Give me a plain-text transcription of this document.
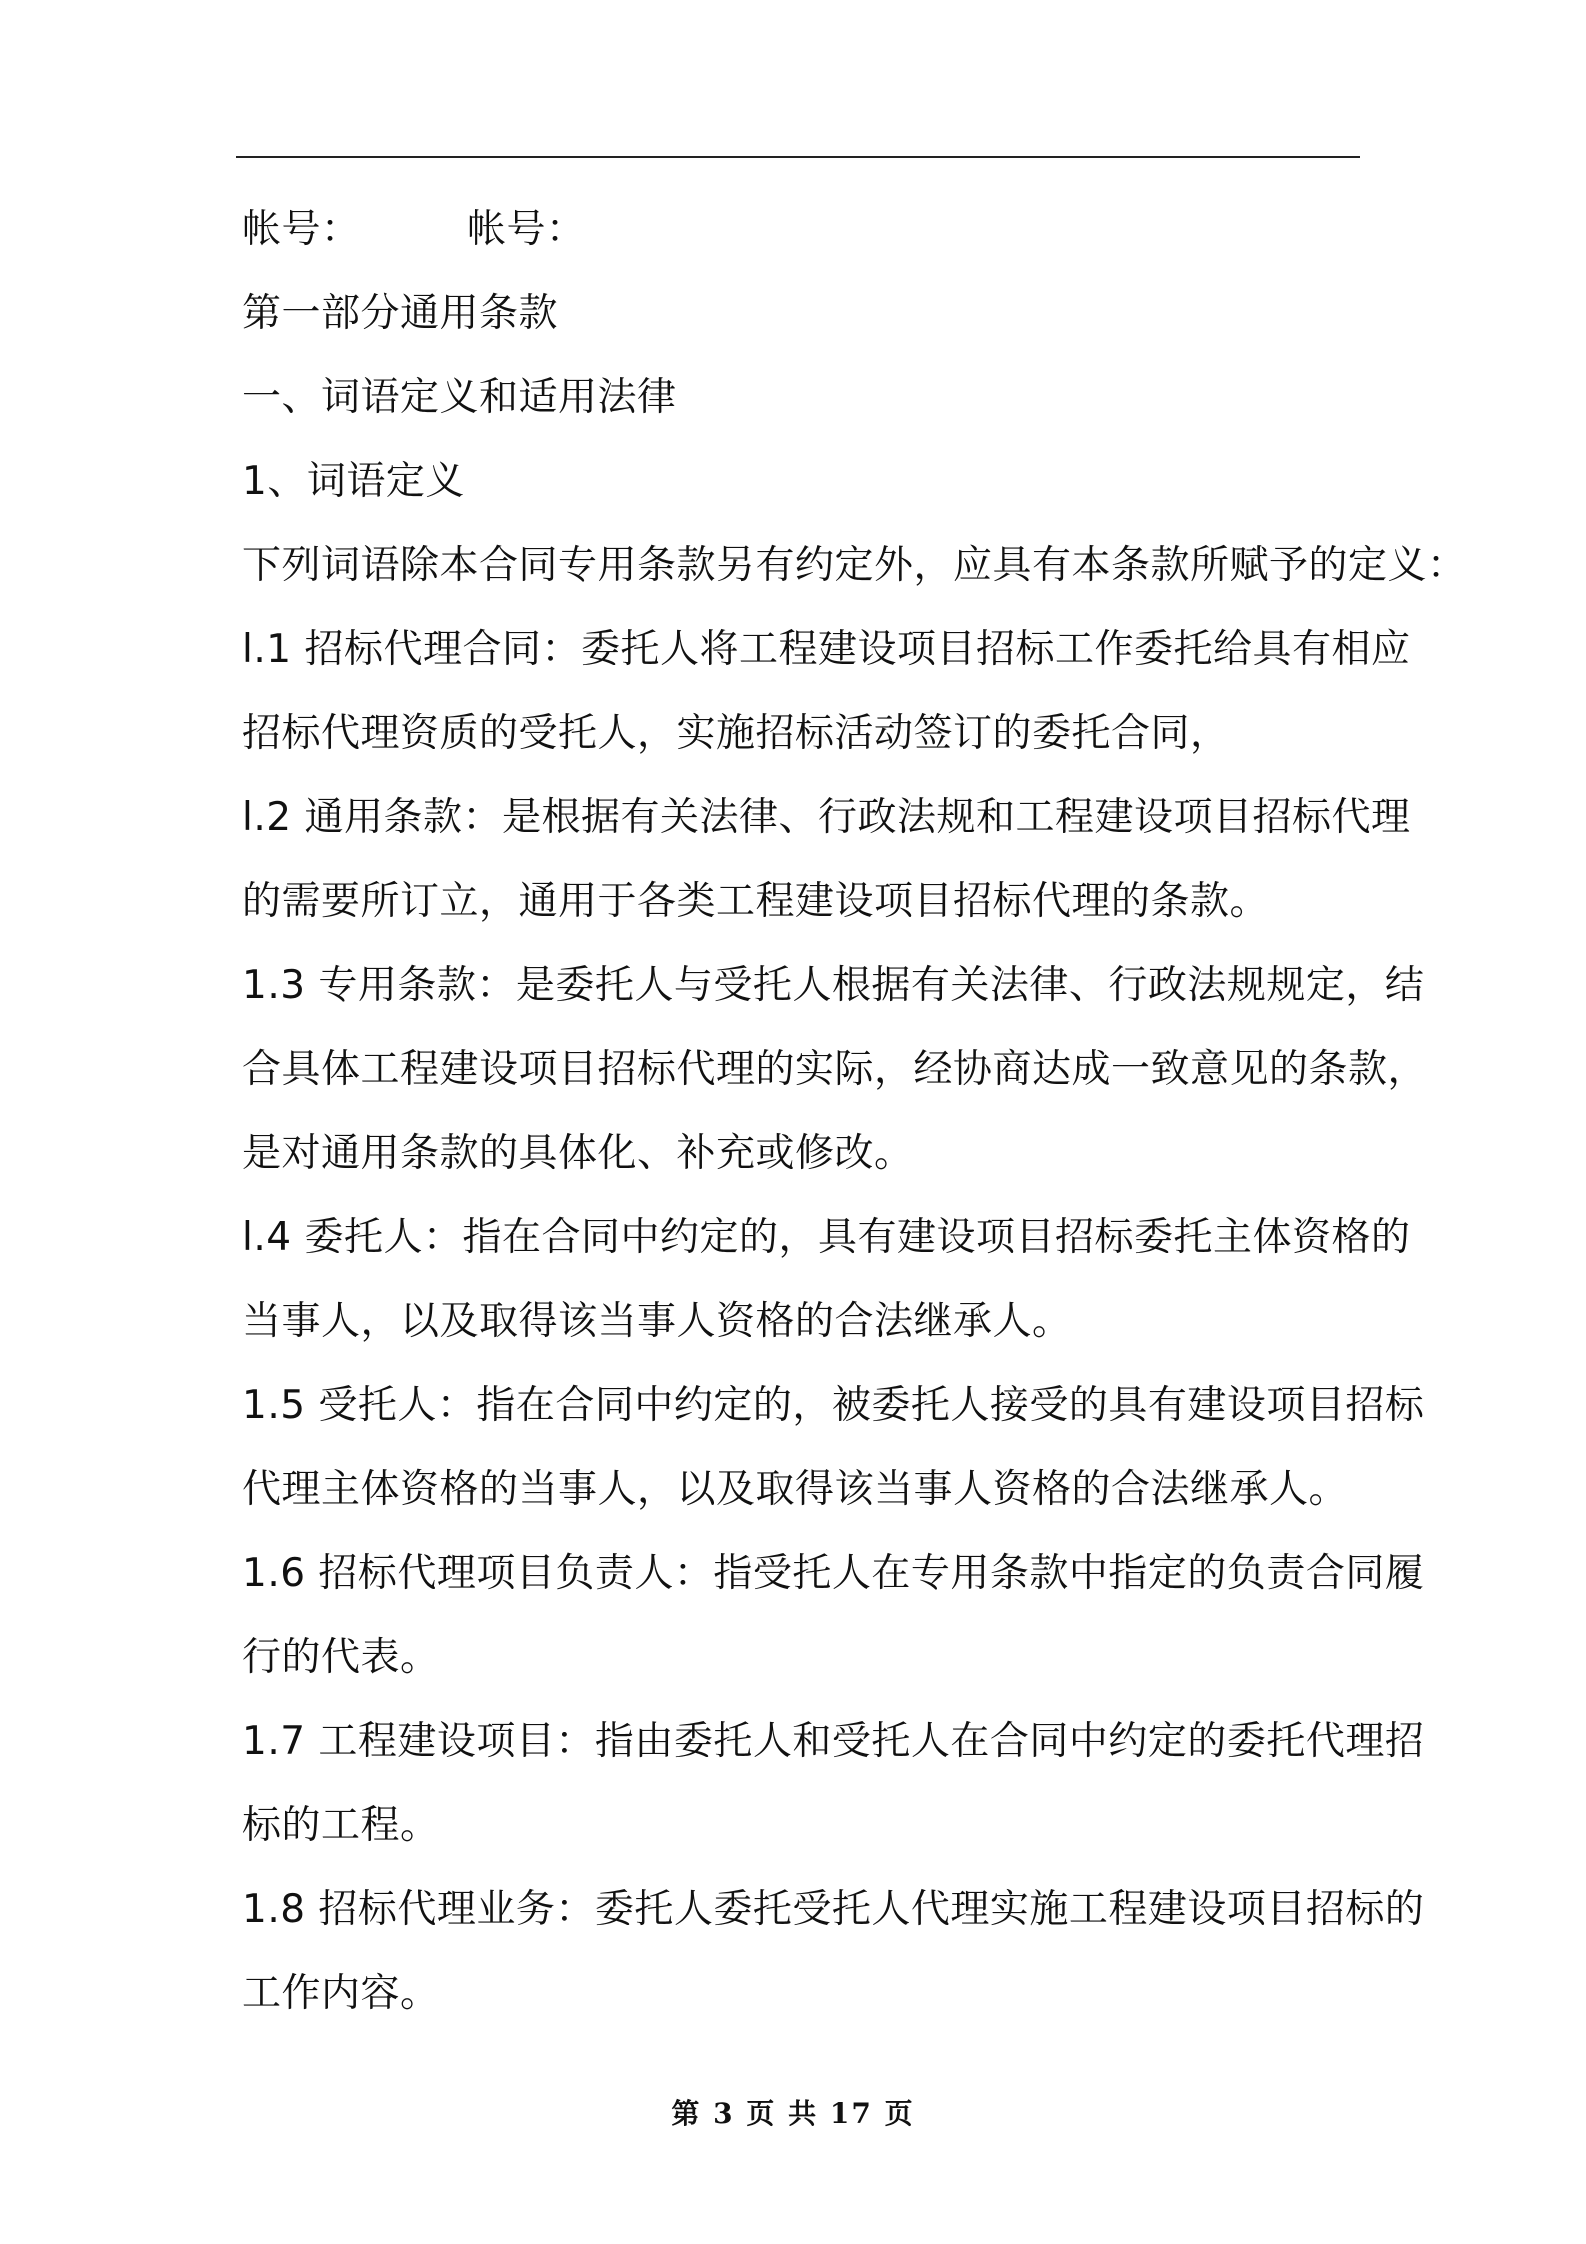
帐号：	帐号：
第一部分通用条款
一、词语定义和适用法律
1、词语定义
下列词语除本合同专用条款另有约定外，应具有本条款所赋予的定义：
l.1 招标代理合同：委托人将工程建设项目招标工作委托给具有相应
招标代理资质的受托人，实施招标活动签订的委托合同，
l.2 通用条款：是根据有关法律、行政法规和工程建设项目招标代理
的需要所订立，通用于各类工程建设项目招标代理的条款。
1.3 专用条款：是委托人与受托人根据有关法律、行政法规规定，结
合具体工程建设项目招标代理的实际，经协商达成一致意见的条款，
是对通用条款的具体化、补充或修改。
l.4 委托人：指在合同中约定的，具有建设项目招标委托主体资格的
当事人，以及取得该当事人资格的合法继承人。
1.5 受托人：指在合同中约定的，被委托人接受的具有建设项目招标
代理主体资格的当事人，以及取得该当事人资格的合法继承人。
1.6 招标代理项目负责人：指受托人在专用条款中指定的负责合同履
行的代表。
1.7 工程建设项目：指由委托人和受托人在合同中约定的委托代理招
标的工程。
1.8 招标代理业务：委托人委托受托人代理实施工程建设项目招标的
工作内容。
第 3 页 共 17 页
